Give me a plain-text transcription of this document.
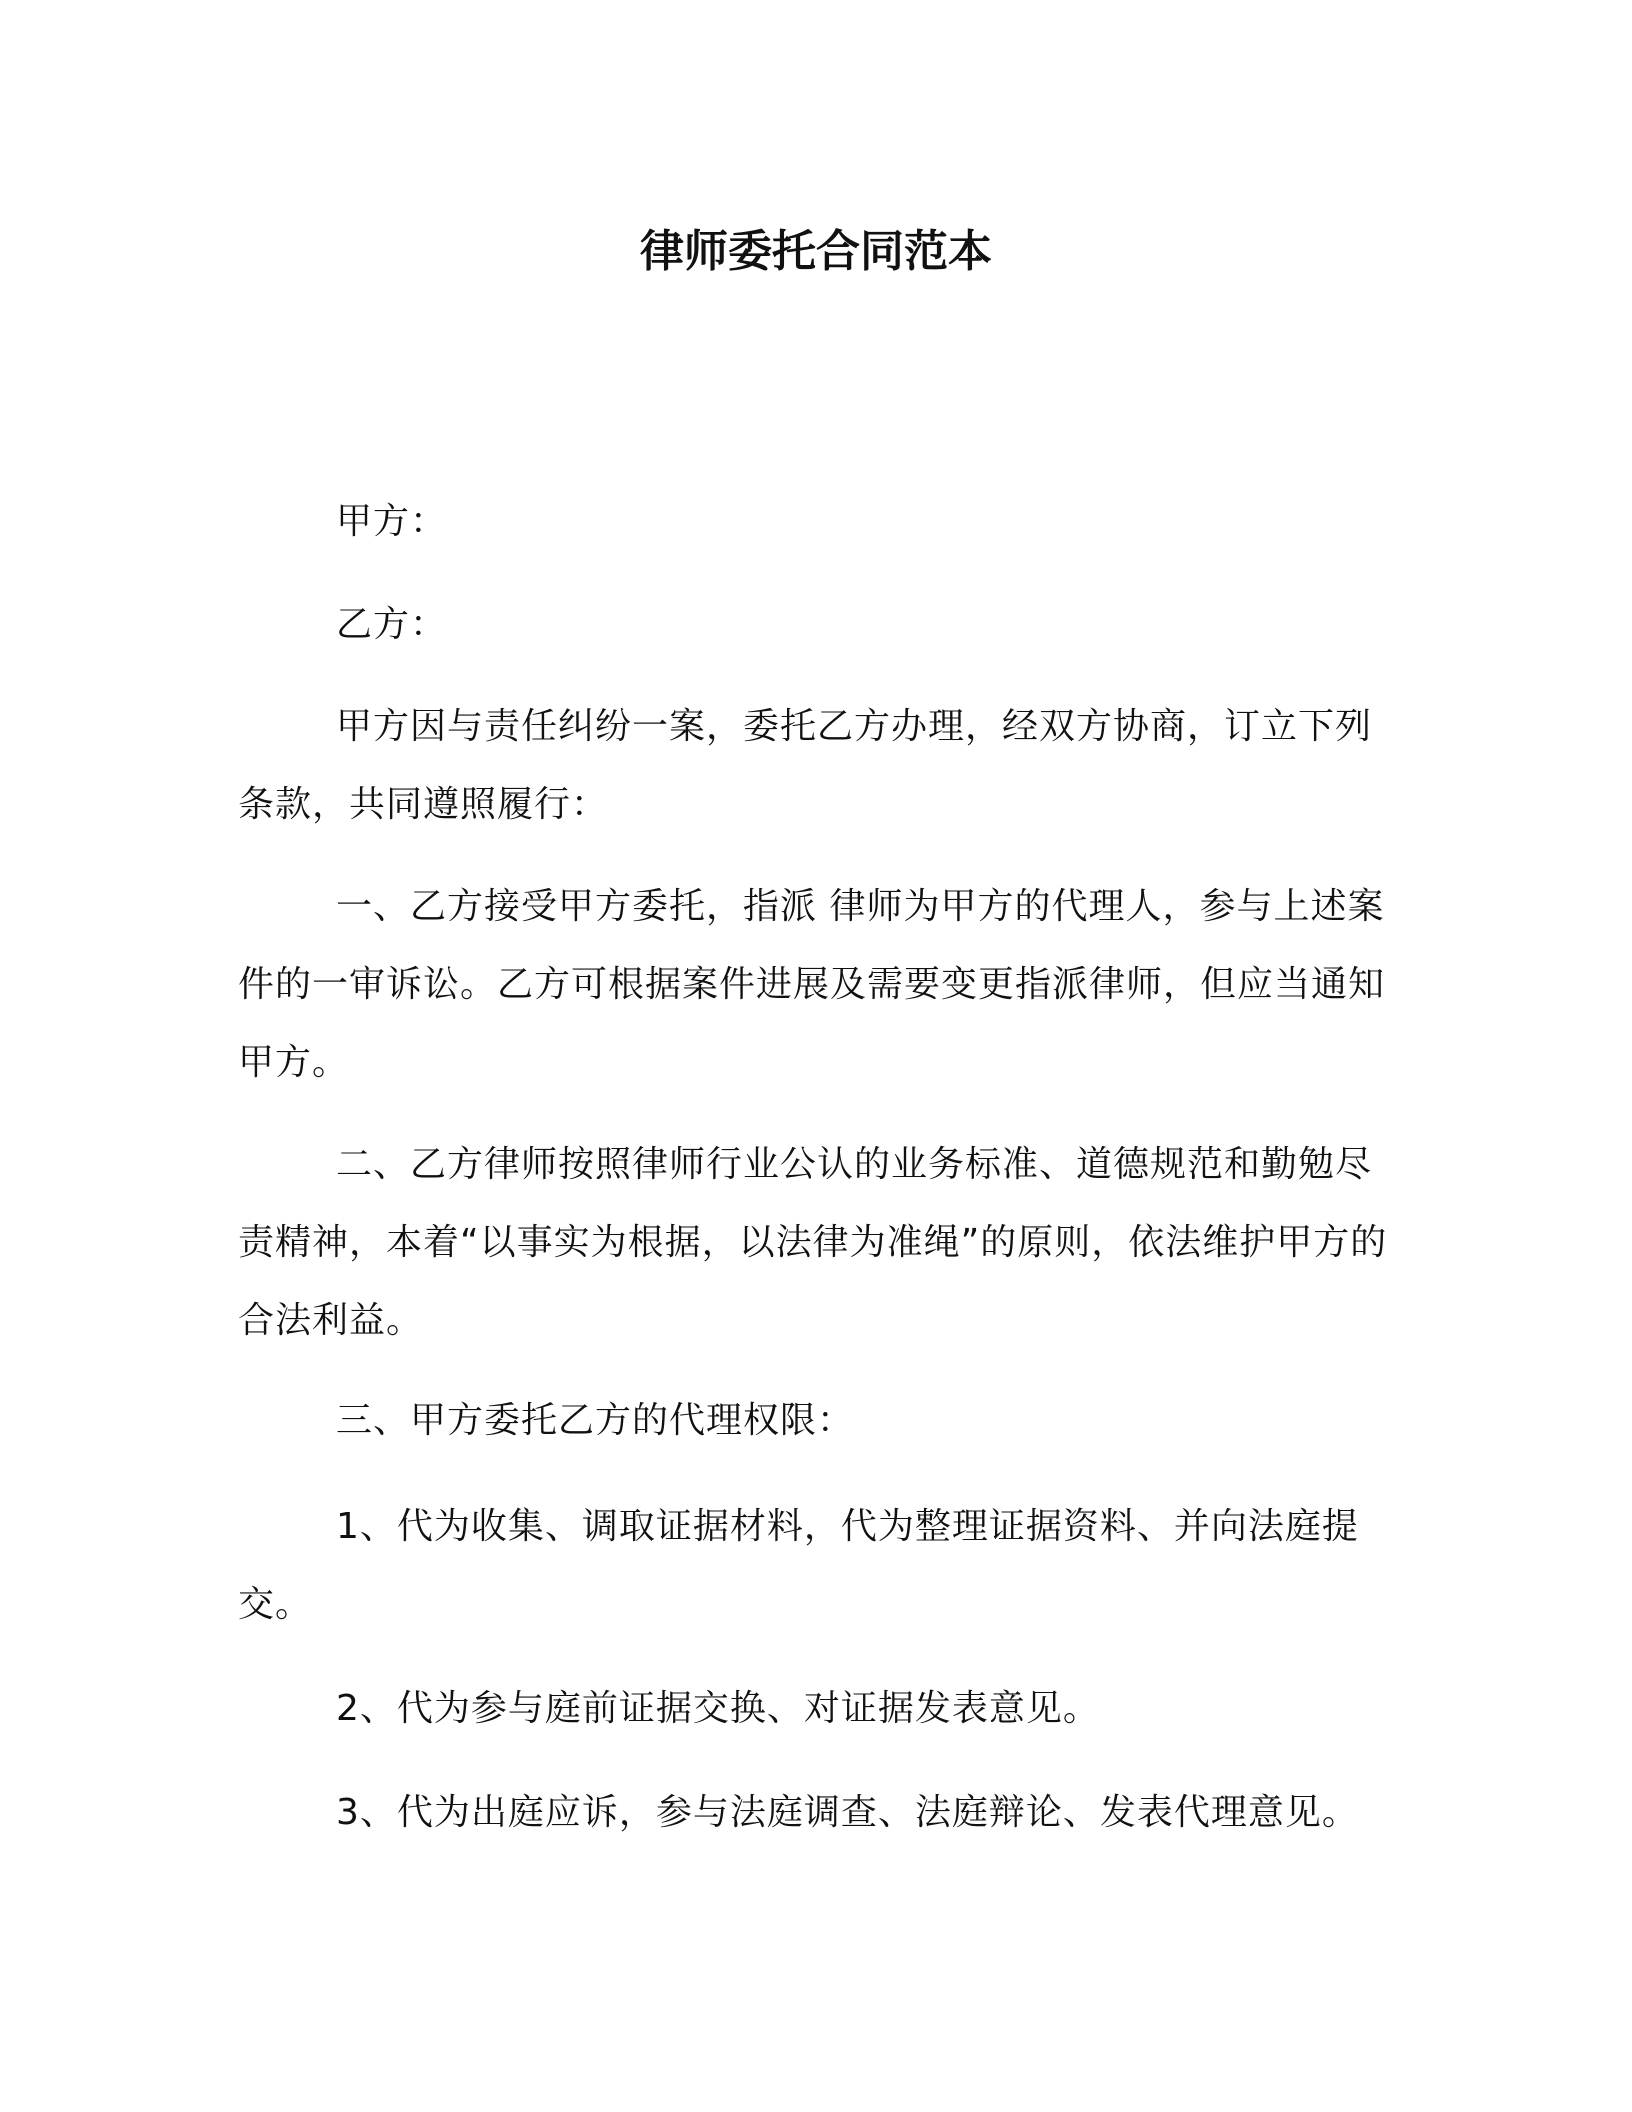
律师委托合同范本
甲方：
乙方：

甲方因与责任纠纷一案，委托乙方办理，经双方协商，订立下列条款，共同遵照履行：

一、乙方接受甲方委托，指派 律师为甲方的代理人，参与上述案件的一审诉讼。乙方可根据案件进展及需要变更指派律师，但应当通知甲方。

二、乙方律师按照律师行业公认的业务标准、道德规范和勤勉尽责精神，本着“以事实为根据，以法律为准绳”的原则，依法维护甲方的合法利益。

三、甲方委托乙方的代理权限：

1、代为收集、调取证据材料，代为整理证据资料、并向法庭提交。

2、代为参与庭前证据交换、对证据发表意见。

3、代为出庭应诉，参与法庭调查、法庭辩论、发表代理意见。
